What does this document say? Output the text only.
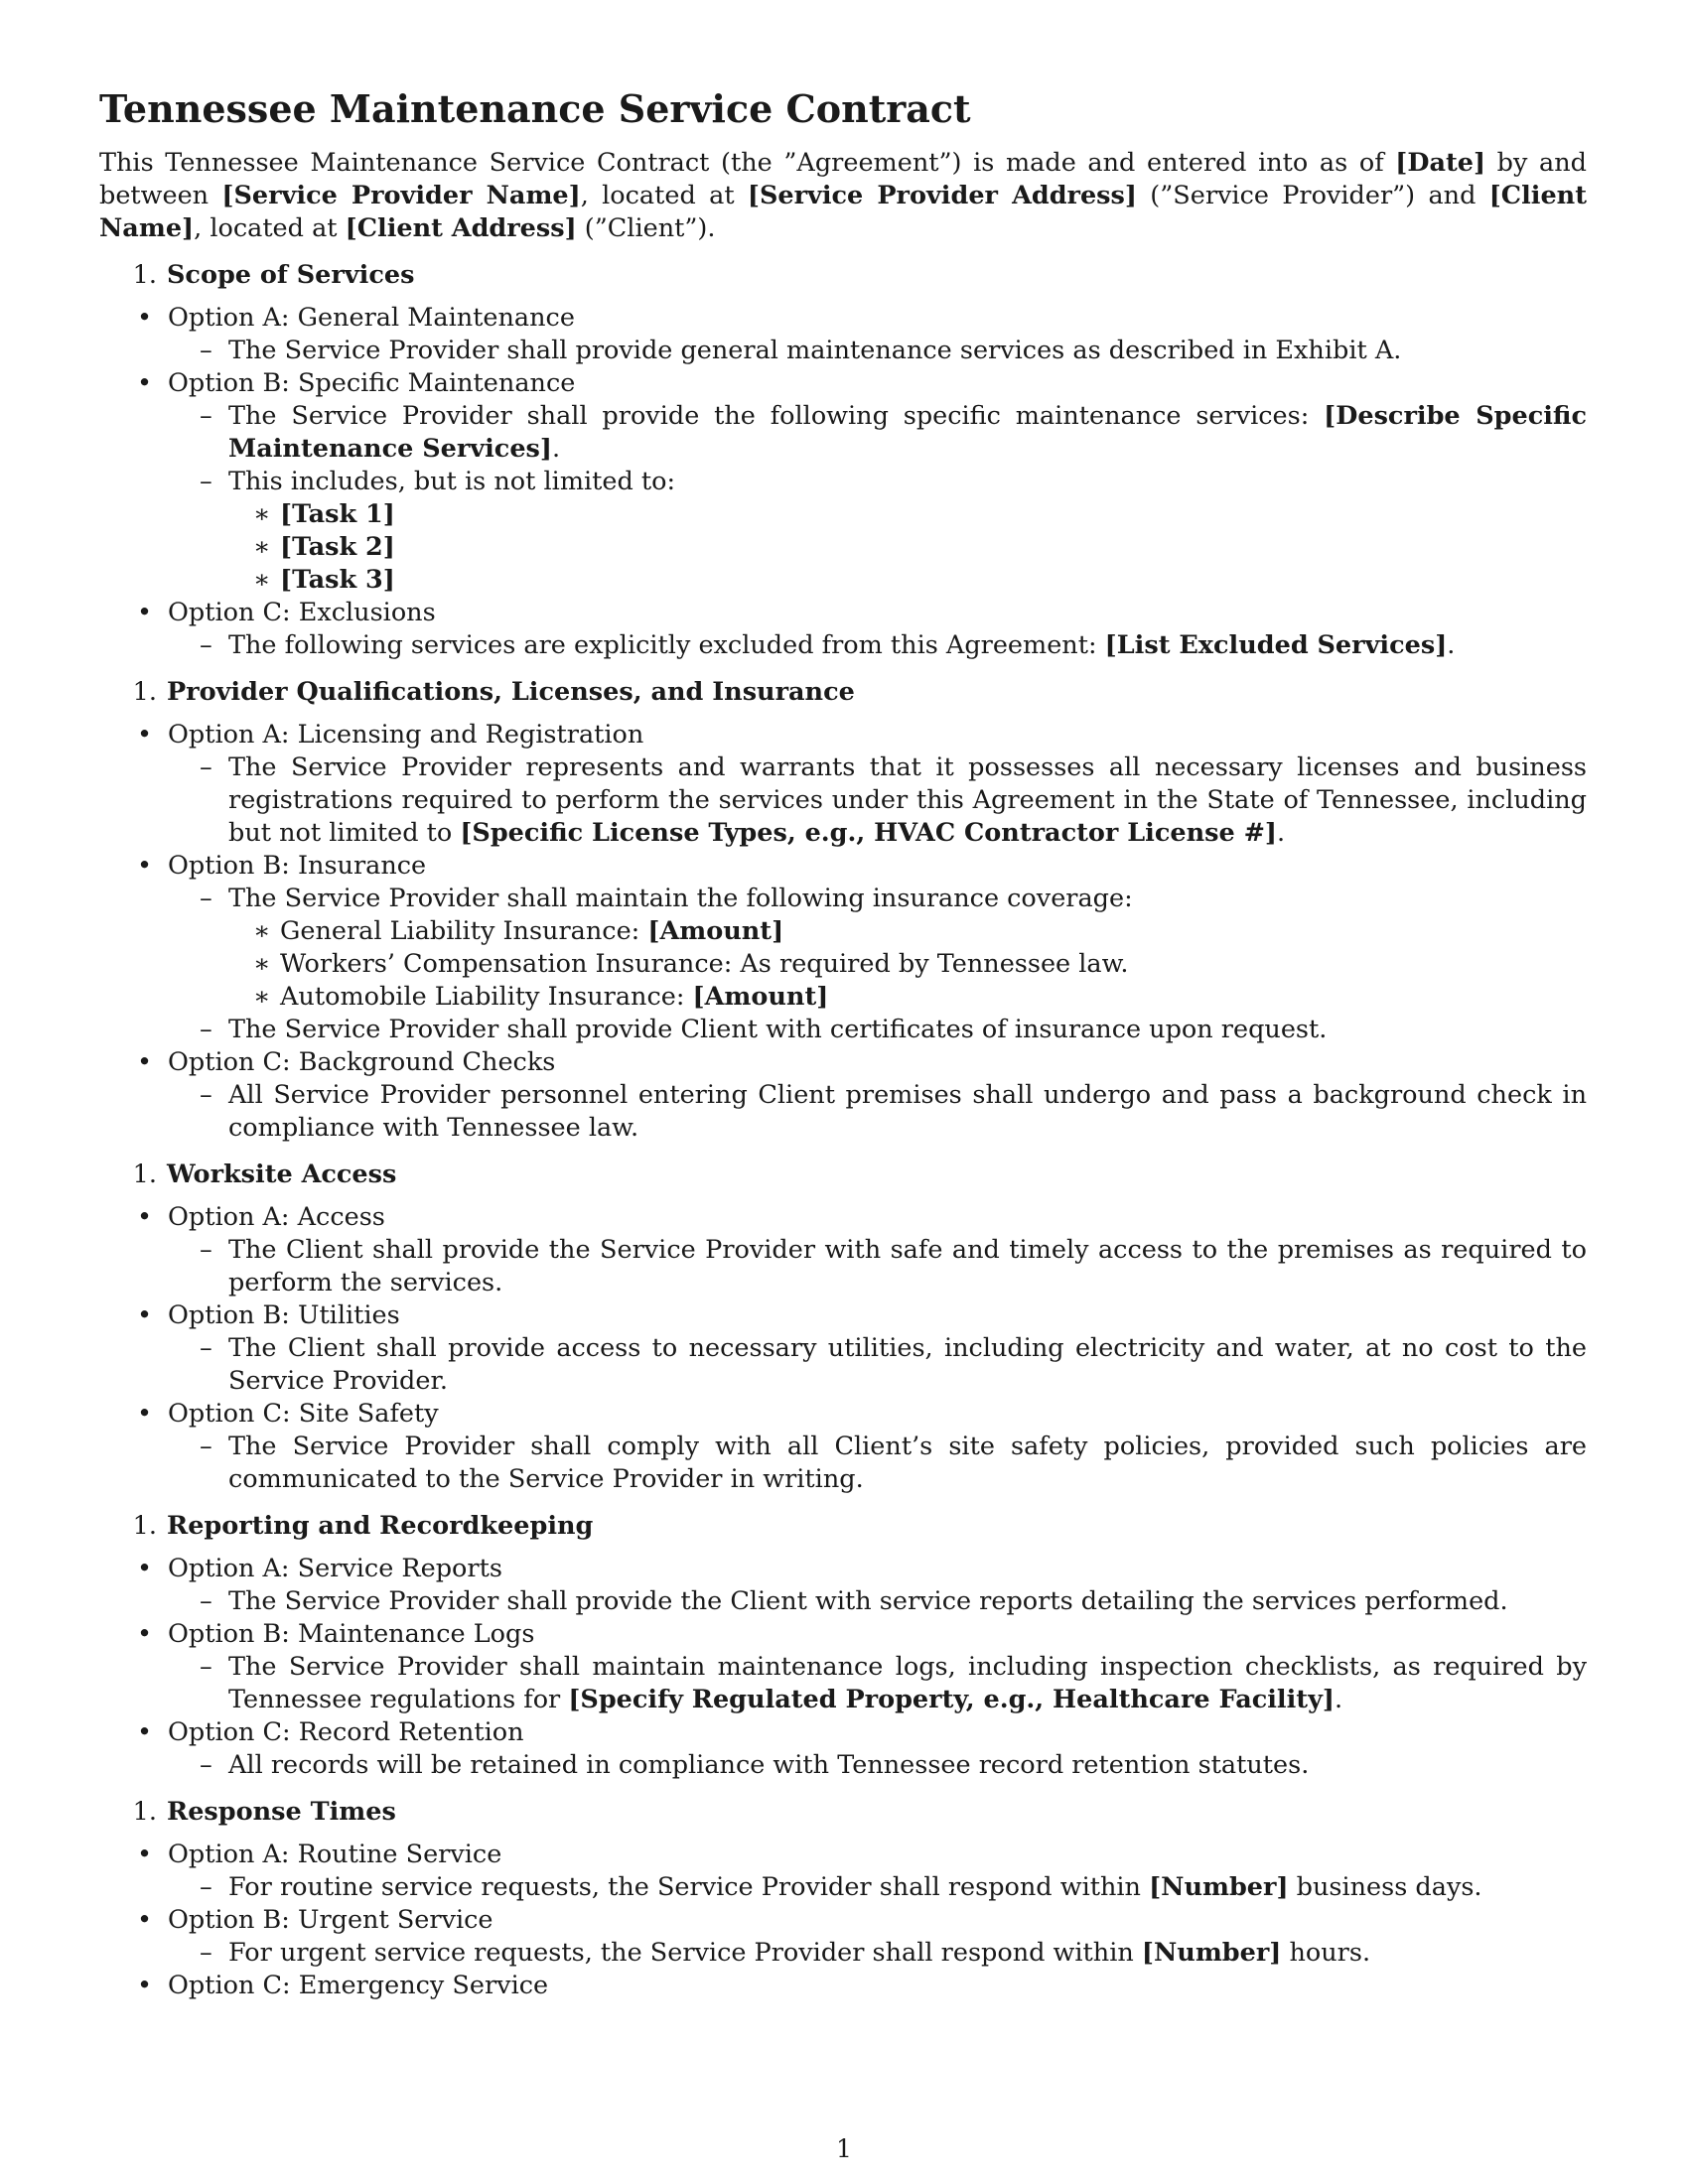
Tennessee Maintenance Service Contract

This Tennessee Maintenance Service Contract (the ”Agreement”) is made and entered into as of [Date] by and between [Service Provider Name], located at [Service Provider Address] (”Service Provider”) and [Client Name], located at [Client Address] (”Client”).

1. Scope of Services
• Option A: General Maintenance
– The Service Provider shall provide general maintenance services as described in Exhibit A.
• Option B: Specific Maintenance
– The Service Provider shall provide the following specific maintenance services: [Describe Specific Maintenance Services].
– This includes, but is not limited to:
∗ [Task 1]
∗ [Task 2]
∗ [Task 3]
• Option C: Exclusions
– The following services are explicitly excluded from this Agreement: [List Excluded Services].
1. Provider Qualifications, Licenses, and Insurance
• Option A: Licensing and Registration
– The Service Provider represents and warrants that it possesses all necessary licenses and business registrations required to perform the services under this Agreement in the State of Tennessee, including but not limited to [Specific License Types, e.g., HVAC Contractor License #].
• Option B: Insurance
– The Service Provider shall maintain the following insurance coverage:
∗ General Liability Insurance: [Amount]
∗ Workers’ Compensation Insurance: As required by Tennessee law.
∗ Automobile Liability Insurance: [Amount]
– The Service Provider shall provide Client with certificates of insurance upon request.
• Option C: Background Checks
– All Service Provider personnel entering Client premises shall undergo and pass a background check in compliance with Tennessee law.
1. Worksite Access
• Option A: Access
– The Client shall provide the Service Provider with safe and timely access to the premises as required to perform the services.
• Option B: Utilities
– The Client shall provide access to necessary utilities, including electricity and water, at no cost to the Service Provider.
• Option C: Site Safety
– The Service Provider shall comply with all Client’s site safety policies, provided such policies are communicated to the Service Provider in writing.
1. Reporting and Recordkeeping
• Option A: Service Reports
– The Service Provider shall provide the Client with service reports detailing the services performed.
• Option B: Maintenance Logs
– The Service Provider shall maintain maintenance logs, including inspection checklists, as required by Tennessee regulations for [Specify Regulated Property, e.g., Healthcare Facility].
• Option C: Record Retention
– All records will be retained in compliance with Tennessee record retention statutes.
1. Response Times
• Option A: Routine Service
– For routine service requests, the Service Provider shall respond within [Number] business days.
• Option B: Urgent Service
– For urgent service requests, the Service Provider shall respond within [Number] hours.
• Option C: Emergency Service
1
